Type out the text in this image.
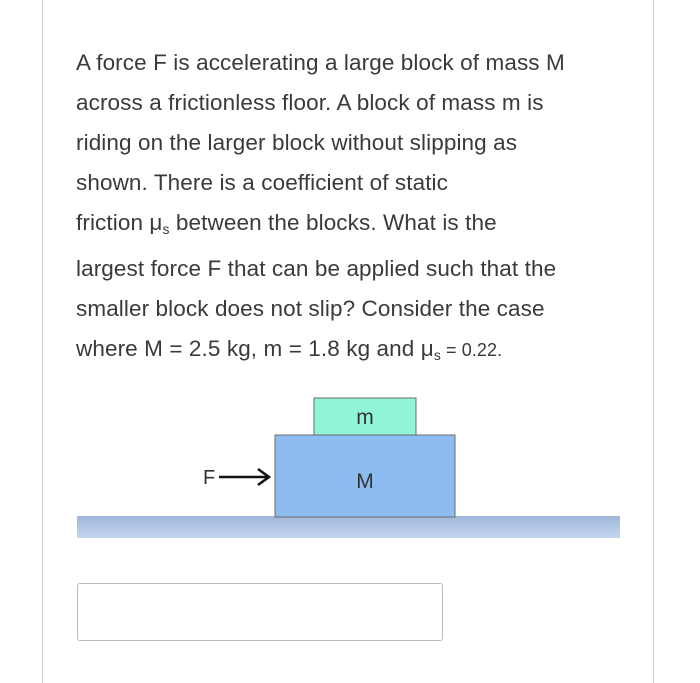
A force F is accelerating a large block of mass M
across a frictionless floor. A block of mass m is
riding on the larger block without slipping as
shown. There is a coefficient of static
friction $\mu_s$ between the blocks. What is the
largest force F that can be applied such that the
smaller block does not slip? Consider the case
where M = 2.5 kg, m = 1.8 kg and $\mu_s = 0.22$.
m
M
F
